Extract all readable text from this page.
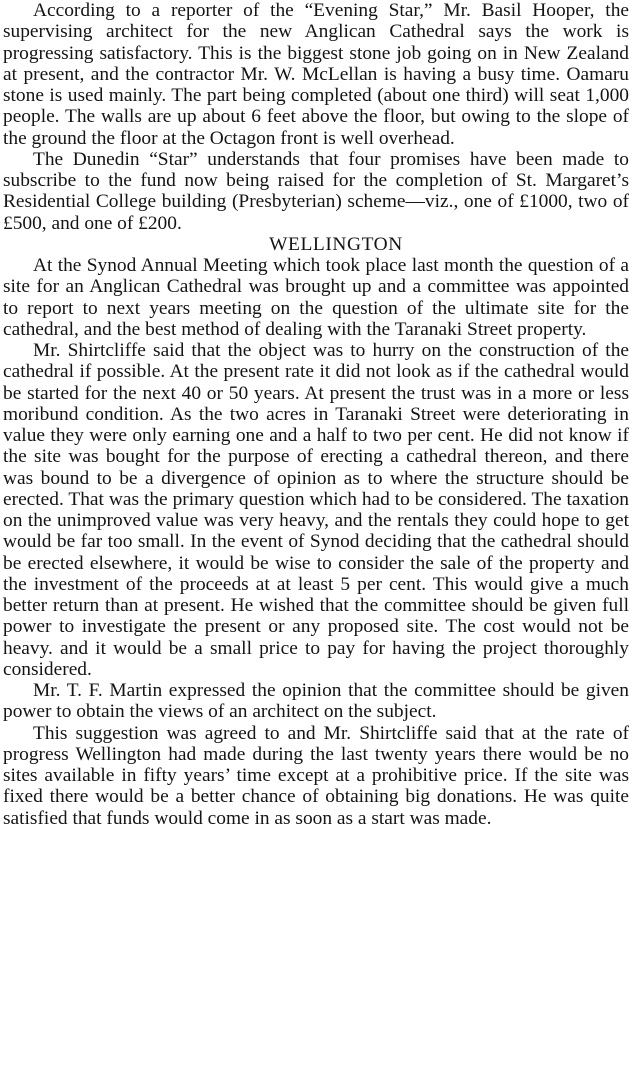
According to a reporter of the “Evening Star,” Mr. Basil Hooper, the supervising architect for the new Anglican Cathedral says the work is progressing satisfactory. This is the biggest stone job going on in New Zealand at present, and the contractor Mr. W. McLellan is having a busy time. Oamaru stone is used mainly. The part being completed (about one third) will seat 1,000 people. The walls are up about 6 feet above the floor, but owing to the slope of the ground the floor at the Octagon front is well overhead.

The Dunedin “Star” understands that four promises have been made to subscribe to the fund now being raised for the completion of St. Margaret’s Residential College building (Presbyterian) scheme—viz., one of £1000, two of £500, and one of £200.

WELLINGTON

At the Synod Annual Meeting which took place last month the question of a site for an Anglican Cathedral was brought up and a committee was appointed to report to next years meeting on the question of the ultimate site for the cathedral, and the best method of dealing with the Taranaki Street property.

Mr. Shirtcliffe said that the object was to hurry on the construction of the cathedral if possible. At the present rate it did not look as if the cathedral would be started for the next 40 or 50 years. At present the trust was in a more or less moribund condition. As the two acres in Taranaki Street were deteriorating in value they were only earning one and a half to two per cent. He did not know if the site was bought for the purpose of erecting a cathedral thereon, and there was bound to be a divergence of opinion as to where the structure should be erected. That was the primary question which had to be considered. The taxation on the unimproved value was very heavy, and the rentals they could hope to get would be far too small. In the event of Synod deciding that the cathedral should be erected elsewhere, it would be wise to consider the sale of the property and the investment of the proceeds at at least 5 per cent. This would give a much better return than at present. He wished that the committee should be given full power to investigate the present or any proposed site. The cost would not be heavy. and it would be a small price to pay for having the project thoroughly considered.

Mr. T. F. Martin expressed the opinion that the committee should be given power to obtain the views of an architect on the subject.

This suggestion was agreed to and Mr. Shirtcliffe said that at the rate of progress Wellington had made during the last twenty years there would be no sites available in fifty years’ time except at a prohibitive price. If the site was fixed there would be a better chance of obtaining big donations. He was quite satisfied that funds would come in as soon as a start was made.
